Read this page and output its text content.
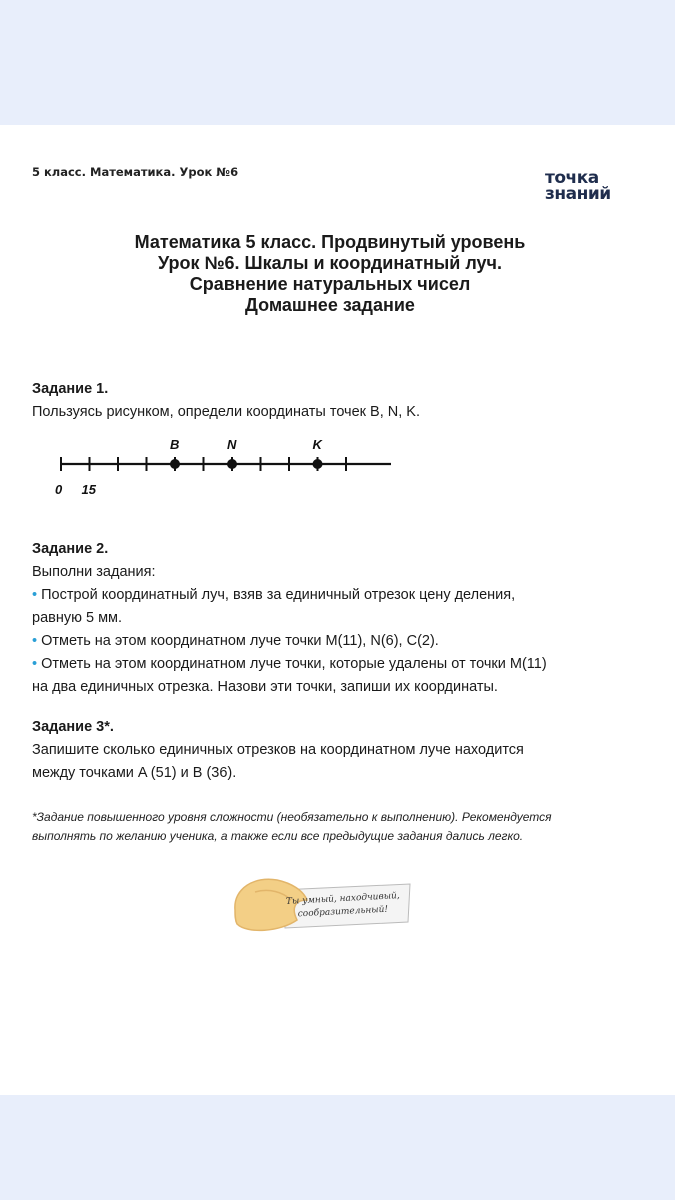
5 класс. Математика. Урок №6	точка
знаний
Математика 5 класс. Продвинутый уровень
Урок №6. Шкалы и координатный луч.
Сравнение натуральных чисел
Домашнее задание
Задание 1.
Пользуясь рисунком, определи координаты точек B, N, K.
0 15
B	N	K
Задание 2.
Выполни задания:
• Построй координатный луч, взяв за единичный отрезок цену деления,
равную 5 мм.
• Отметь на этом координатном луче точки M(11), N(6), C(2).
• Отметь на этом координатном луче точки, которые удалены от точки M(11)
на два единичных отрезка. Назови эти точки, запиши их координаты.
Задание 3*.
Запишите сколько единичных отрезков на координатном луче находится
между точками A (51) и B (36).
*Задание повышенного уровня сложности (необязательно к выполнению). Рекомендуется
выполнять по желанию ученика, а также если все предыдущие задания дались легко.
Ты умный, находчивый,
сообразительный!
